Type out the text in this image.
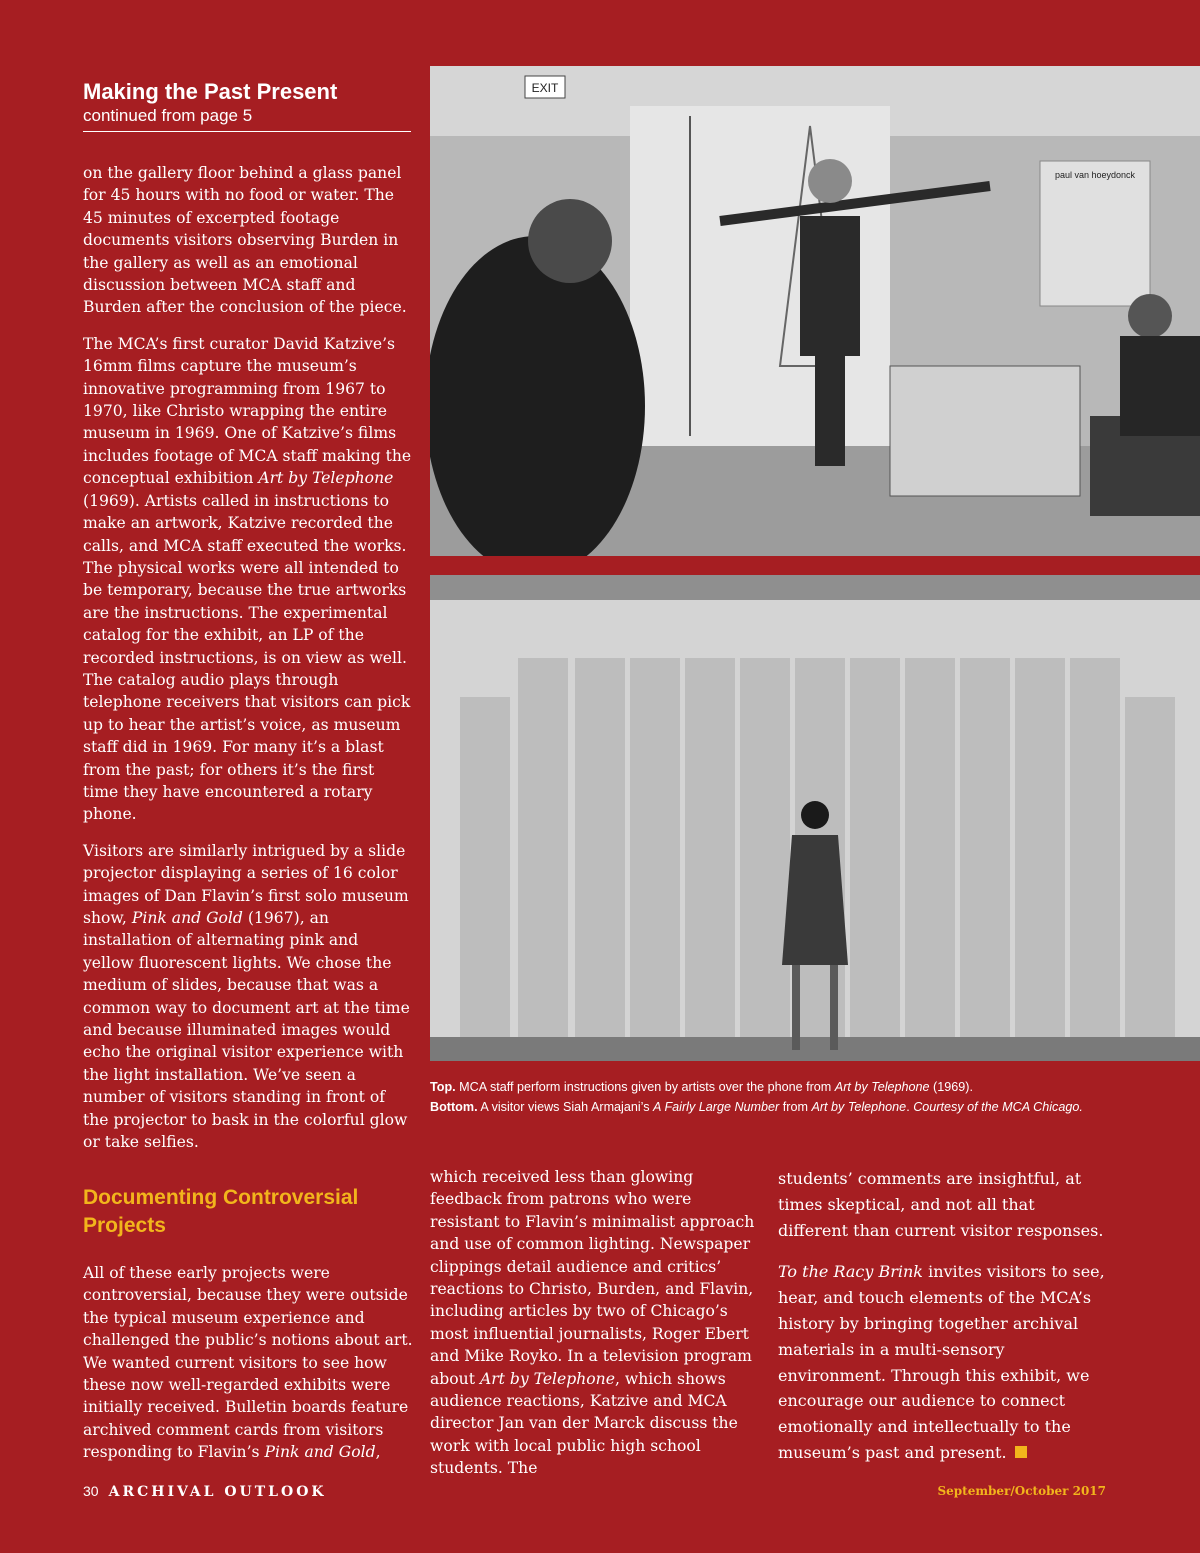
Making the Past Present
continued from page 5

on the gallery floor behind a glass panel for 45 hours with no food or water. The 45 minutes of excerpted footage documents visitors observing Burden in the gallery as well as an emotional discussion between MCA staff and Burden after the conclusion of the piece.

The MCA’s first curator David Katzive’s 16mm films capture the museum’s innovative programming from 1967 to 1970, like Christo wrapping the entire museum in 1969. One of Katzive’s films includes footage of MCA staff making the conceptual exhibition Art by Telephone (1969). Artists called in instructions to make an artwork, Katzive recorded the calls, and MCA staff executed the works. The physical works were all intended to be temporary, because the true artworks are the instructions. The experimental catalog for the exhibit, an LP of the recorded instructions, is on view as well. The catalog audio plays through telephone receivers that visitors can pick up to hear the artist’s voice, as museum staff did in 1969. For many it’s a blast from the past; for others it’s the first time they have encountered a rotary phone.

Visitors are similarly intrigued by a slide projector displaying a series of 16 color images of Dan Flavin’s first solo museum show, Pink and Gold (1967), an installation of alternating pink and yellow fluorescent lights. We chose the medium of slides, because that was a common way to document art at the time and because illuminated images would echo the original visitor experience with the light installation. We’ve seen a number of visitors standing in front of the projector to bask in the colorful glow or take selfies.

Documenting Controversial Projects

All of these early projects were controversial, because they were outside the typical museum experience and challenged the public’s notions about art. We wanted current visitors to see how these now well-regarded exhibits were initially received. Bulletin boards feature archived comment cards from visitors responding to Flavin’s Pink and Gold,

EXIT
paul van hoeydonck
Top. MCA staff perform instructions given by artists over the phone from Art by Telephone (1969).
Bottom. A visitor views Siah Armajani’s A Fairly Large Number from Art by Telephone. Courtesy of the MCA Chicago.

which received less than glowing feedback from patrons who were resistant to Flavin’s minimalist approach and use of common lighting. Newspaper clippings detail audience and critics’ reactions to Christo, Burden, and Flavin, including articles by two of Chicago’s most influential journalists, Roger Ebert and Mike Royko. In a television program about Art by Telephone, which shows audience reactions, Katzive and MCA director Jan van der Marck discuss the work with local public high school students. The

students’ comments are insightful, at times skeptical, and not all that different than current visitor responses.

To the Racy Brink invites visitors to see, hear, and touch elements of the MCA’s history by bringing together archival materials in a multi-sensory environment. Through this exhibit, we encourage our audience to connect emotionally and intellectually to the museum’s past and present.

30 ARCHIVAL OUTLOOK	September/October 2017
